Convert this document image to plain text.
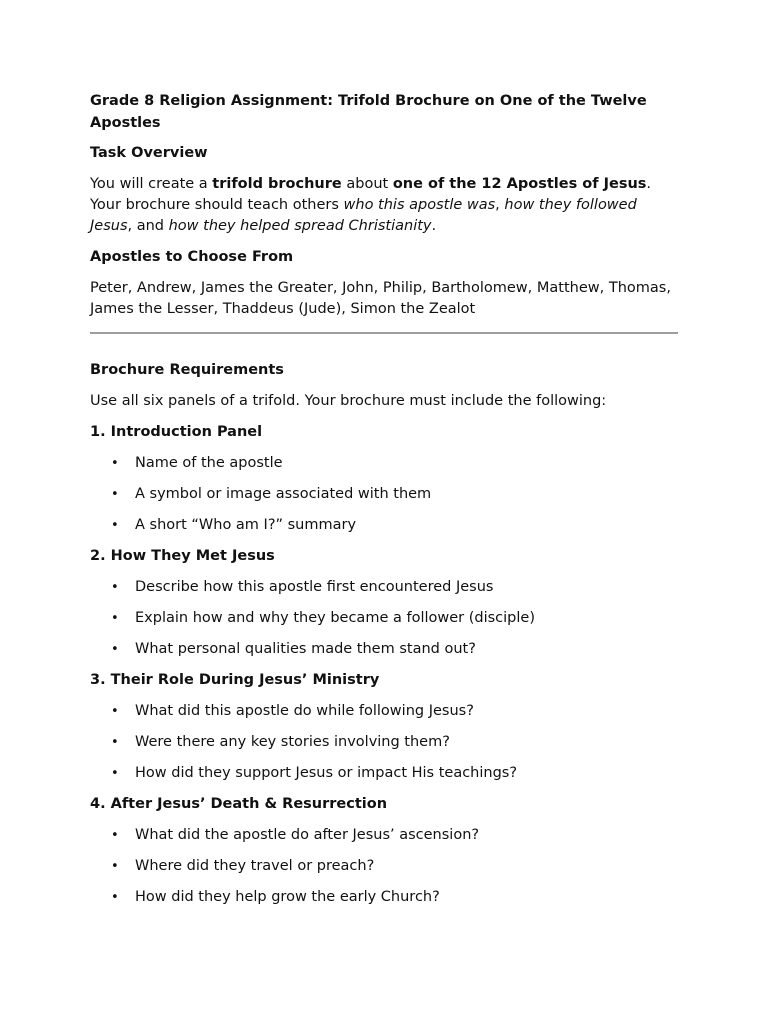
Grade 8 Religion Assignment: Trifold Brochure on One of the Twelve Apostles
Task Overview
You will create a trifold brochure about one of the 12 Apostles of Jesus. Your brochure should teach others who this apostle was, how they followed Jesus, and how they helped spread Christianity.
Apostles to Choose From
Peter, Andrew, James the Greater, John, Philip, Bartholomew, Matthew, Thomas, James the Lesser, Thaddeus (Jude), Simon the Zealot
Brochure Requirements
Use all six panels of a trifold. Your brochure must include the following:
1. Introduction Panel
• Name of the apostle
• A symbol or image associated with them
• A short “Who am I?” summary
2. How They Met Jesus
• Describe how this apostle first encountered Jesus
• Explain how and why they became a follower (disciple)
• What personal qualities made them stand out?
3. Their Role During Jesus’ Ministry
• What did this apostle do while following Jesus?
• Were there any key stories involving them?
• How did they support Jesus or impact His teachings?
4. After Jesus’ Death & Resurrection
• What did the apostle do after Jesus’ ascension?
• Where did they travel or preach?
• How did they help grow the early Church?
